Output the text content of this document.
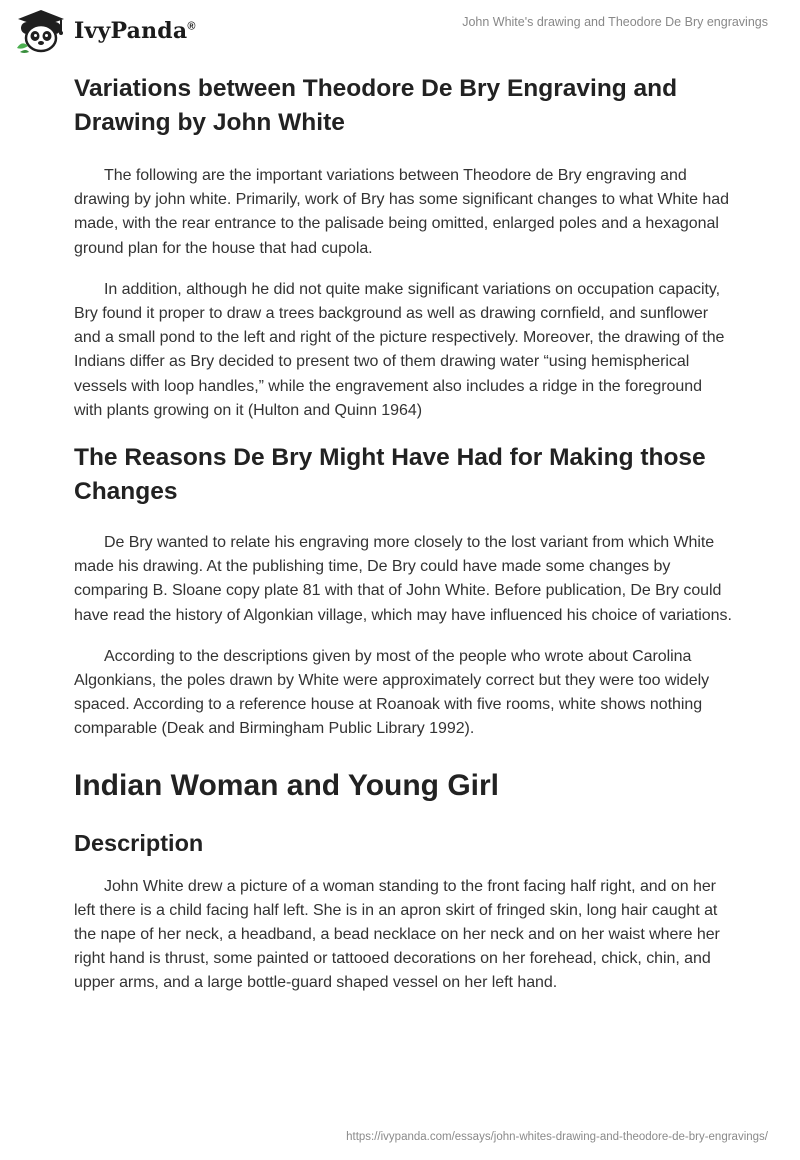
IvyPanda®	John White's drawing and Theodore De Bry engravings
Variations between Theodore De Bry Engraving and
Drawing by John White

The following are the important variations between Theodore de Bry engraving and drawing by john white. Primarily, work of Bry has some significant changes to what White had made, with the rear entrance to the palisade being omitted, enlarged poles and a hexagonal ground plan for the house that had cupola.

In addition, although he did not quite make significant variations on occupation capacity, Bry found it proper to draw a trees background as well as drawing cornfield, and sunflower and a small pond to the left and right of the picture respectively. Moreover, the drawing of the Indians differ as Bry decided to present two of them drawing water “using hemispherical vessels with loop handles,” while the engravement also includes a ridge in the foreground with plants growing on it (Hulton and Quinn 1964)

The Reasons De Bry Might Have Had for Making those
Changes

De Bry wanted to relate his engraving more closely to the lost variant from which White made his drawing. At the publishing time, De Bry could have made some changes by comparing B. Sloane copy plate 81 with that of John White. Before publication, De Bry could have read the history of Algonkian village, which may have influenced his choice of variations.

According to the descriptions given by most of the people who wrote about Carolina Algonkians, the poles drawn by White were approximately correct but they were too widely spaced. According to a reference house at Roanoak with five rooms, white shows nothing comparable (Deak and Birmingham Public Library 1992).

Indian Woman and Young Girl
Description

John White drew a picture of a woman standing to the front facing half right, and on her left there is a child facing half left. She is in an apron skirt of fringed skin, long hair caught at the nape of her neck, a headband, a bead necklace on her neck and on her waist where her right hand is thrust, some painted or tattooed decorations on her forehead, chick, chin, and upper arms, and a large bottle-guard shaped vessel on her left hand.

https://ivypanda.com/essays/john-whites-drawing-and-theodore-de-bry-engravings/
